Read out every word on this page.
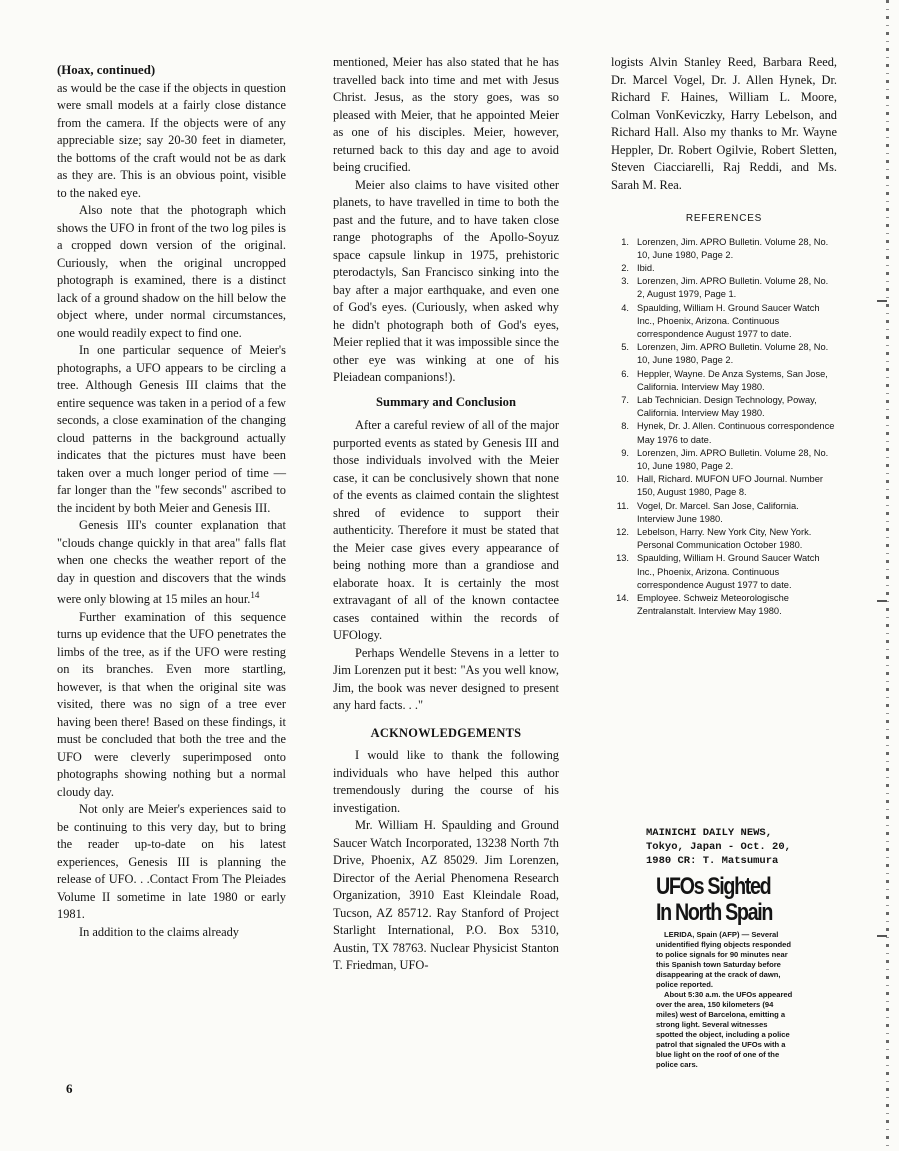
(Hoax, continued)

as would be the case if the objects in question were small models at a fairly close distance from the camera. If the objects were of any appreciable size; say 20-30 feet in diameter, the bottoms of the craft would not be as dark as they are. This is an obvious point, visible to the naked eye.

Also note that the photograph which shows the UFO in front of the two log piles is a cropped down version of the original. Curiously, when the original uncropped photograph is examined, there is a distinct lack of a ground shadow on the hill below the object where, under normal circumstances, one would readily expect to find one.

In one particular sequence of Meier's photographs, a UFO appears to be circling a tree. Although Genesis III claims that the entire sequence was taken in a period of a few seconds, a close examination of the changing cloud patterns in the background actually indicates that the pictures must have been taken over a much longer period of time — far longer than the "few seconds" ascribed to the incident by both Meier and Genesis III.

Genesis III's counter explanation that "clouds change quickly in that area" falls flat when one checks the weather report of the day in question and discovers that the winds were only blowing at 15 miles an hour.$^{14}$

Further examination of this sequence turns up evidence that the UFO penetrates the limbs of the tree, as if the UFO were resting on its branches. Even more startling, however, is that when the original site was visited, there was no sign of a tree ever having been there! Based on these findings, it must be concluded that both the tree and the UFO were cleverly superimposed onto photographs showing nothing but a normal cloudy day.

Not only are Meier's experiences said to be continuing to this very day, but to bring the reader up-to-date on his latest experiences, Genesis III is planning the release of UFO. . .Contact From The Pleiades Volume II sometime in late 1980 or early 1981.

In addition to the claims already

mentioned, Meier has also stated that he has travelled back into time and met with Jesus Christ. Jesus, as the story goes, was so pleased with Meier, that he appointed Meier as one of his disciples. Meier, however, returned back to this day and age to avoid being crucified.

Meier also claims to have visited other planets, to have travelled in time to both the past and the future, and to have taken close range photographs of the Apollo-Soyuz space capsule linkup in 1975, prehistoric pterodactyls, San Francisco sinking into the bay after a major earthquake, and even one of God's eyes. (Curiously, when asked why he didn't photograph both of God's eyes, Meier replied that it was impossible since the other eye was winking at one of his Pleiadean companions!).

Summary and Conclusion

After a careful review of all of the major purported events as stated by Genesis III and those individuals involved with the Meier case, it can be conclusively shown that none of the events as claimed contain the slightest shred of evidence to support their authenticity. Therefore it must be stated that the Meier case gives every appearance of being nothing more than a grandiose and elaborate hoax. It is certainly the most extravagant of all of the known contactee cases contained within the records of UFOlogy.

Perhaps Wendelle Stevens in a letter to Jim Lorenzen put it best: "As you well know, Jim, the book was never designed to present any hard facts. . ."

ACKNOWLEDGEMENTS

I would like to thank the following individuals who have helped this author tremendously during the course of his investigation.

Mr. William H. Spaulding and Ground Saucer Watch Incorporated, 13238 North 7th Drive, Phoenix, AZ 85029. Jim Lorenzen, Director of the Aerial Phenomena Research Organization, 3910 East Kleindale Road, Tucson, AZ 85712. Ray Stanford of Project Starlight International, P.O. Box 5310, Austin, TX 78763. Nuclear Physicist Stanton T. Friedman, UFO-

logists Alvin Stanley Reed, Barbara Reed, Dr. Marcel Vogel, Dr. J. Allen Hynek, Dr. Richard F. Haines, William L. Moore, Colman VonKeviczky, Harry Lebelson, and Richard Hall. Also my thanks to Mr. Wayne Heppler, Dr. Robert Ogilvie, Robert Sletten, Steven Ciacciarelli, Raj Reddi, and Ms. Sarah M. Rea.

REFERENCES
1. Lorenzen, Jim. APRO Bulletin. Volume 28, No. 10, June 1980, Page 2.
2. Ibid.
3. Lorenzen, Jim. APRO Bulletin. Volume 28, No. 2, August 1979, Page 1.
4. Spaulding, William H. Ground Saucer Watch Inc., Phoenix, Arizona. Continuous correspondence August 1977 to date.
5. Lorenzen, Jim. APRO Bulletin. Volume 28, No. 10, June 1980, Page 2.
6. Heppler, Wayne. De Anza Systems, San Jose, California. Interview May 1980.
7. Lab Technician. Design Technology, Poway, California. Interview May 1980.
8. Hynek, Dr. J. Allen. Continuous correspondence May 1976 to date.
9. Lorenzen, Jim. APRO Bulletin. Volume 28, No. 10, June 1980, Page 2.
10. Hall, Richard. MUFON UFO Journal. Number 150, August 1980, Page 8.
11. Vogel, Dr. Marcel. San Jose, California. Interview June 1980.
12. Lebelson, Harry. New York City, New York. Personal Communication October 1980.
13. Spaulding, William H. Ground Saucer Watch Inc., Phoenix, Arizona. Continuous correspondence August 1977 to date.
14. Employee. Schweiz Meteorologische Zentralanstalt. Interview May 1980.
MAINICHI DAILY NEWS,
Tokyo, Japan - Oct. 20,
1980 CR: T. Matsumura
UFOs Sighted
In North Spain

LERIDA, Spain (AFP) — Several unidentified flying objects responded to police signals for 90 minutes near this Spanish town Saturday before disappearing at the crack of dawn, police reported.

About 5:30 a.m. the UFOs appeared over the area, 150 kilometers (94 miles) west of Barcelona, emitting a strong light. Several witnesses spotted the object, including a police patrol that signaled the UFOs with a blue light on the roof of one of the police cars.

6
